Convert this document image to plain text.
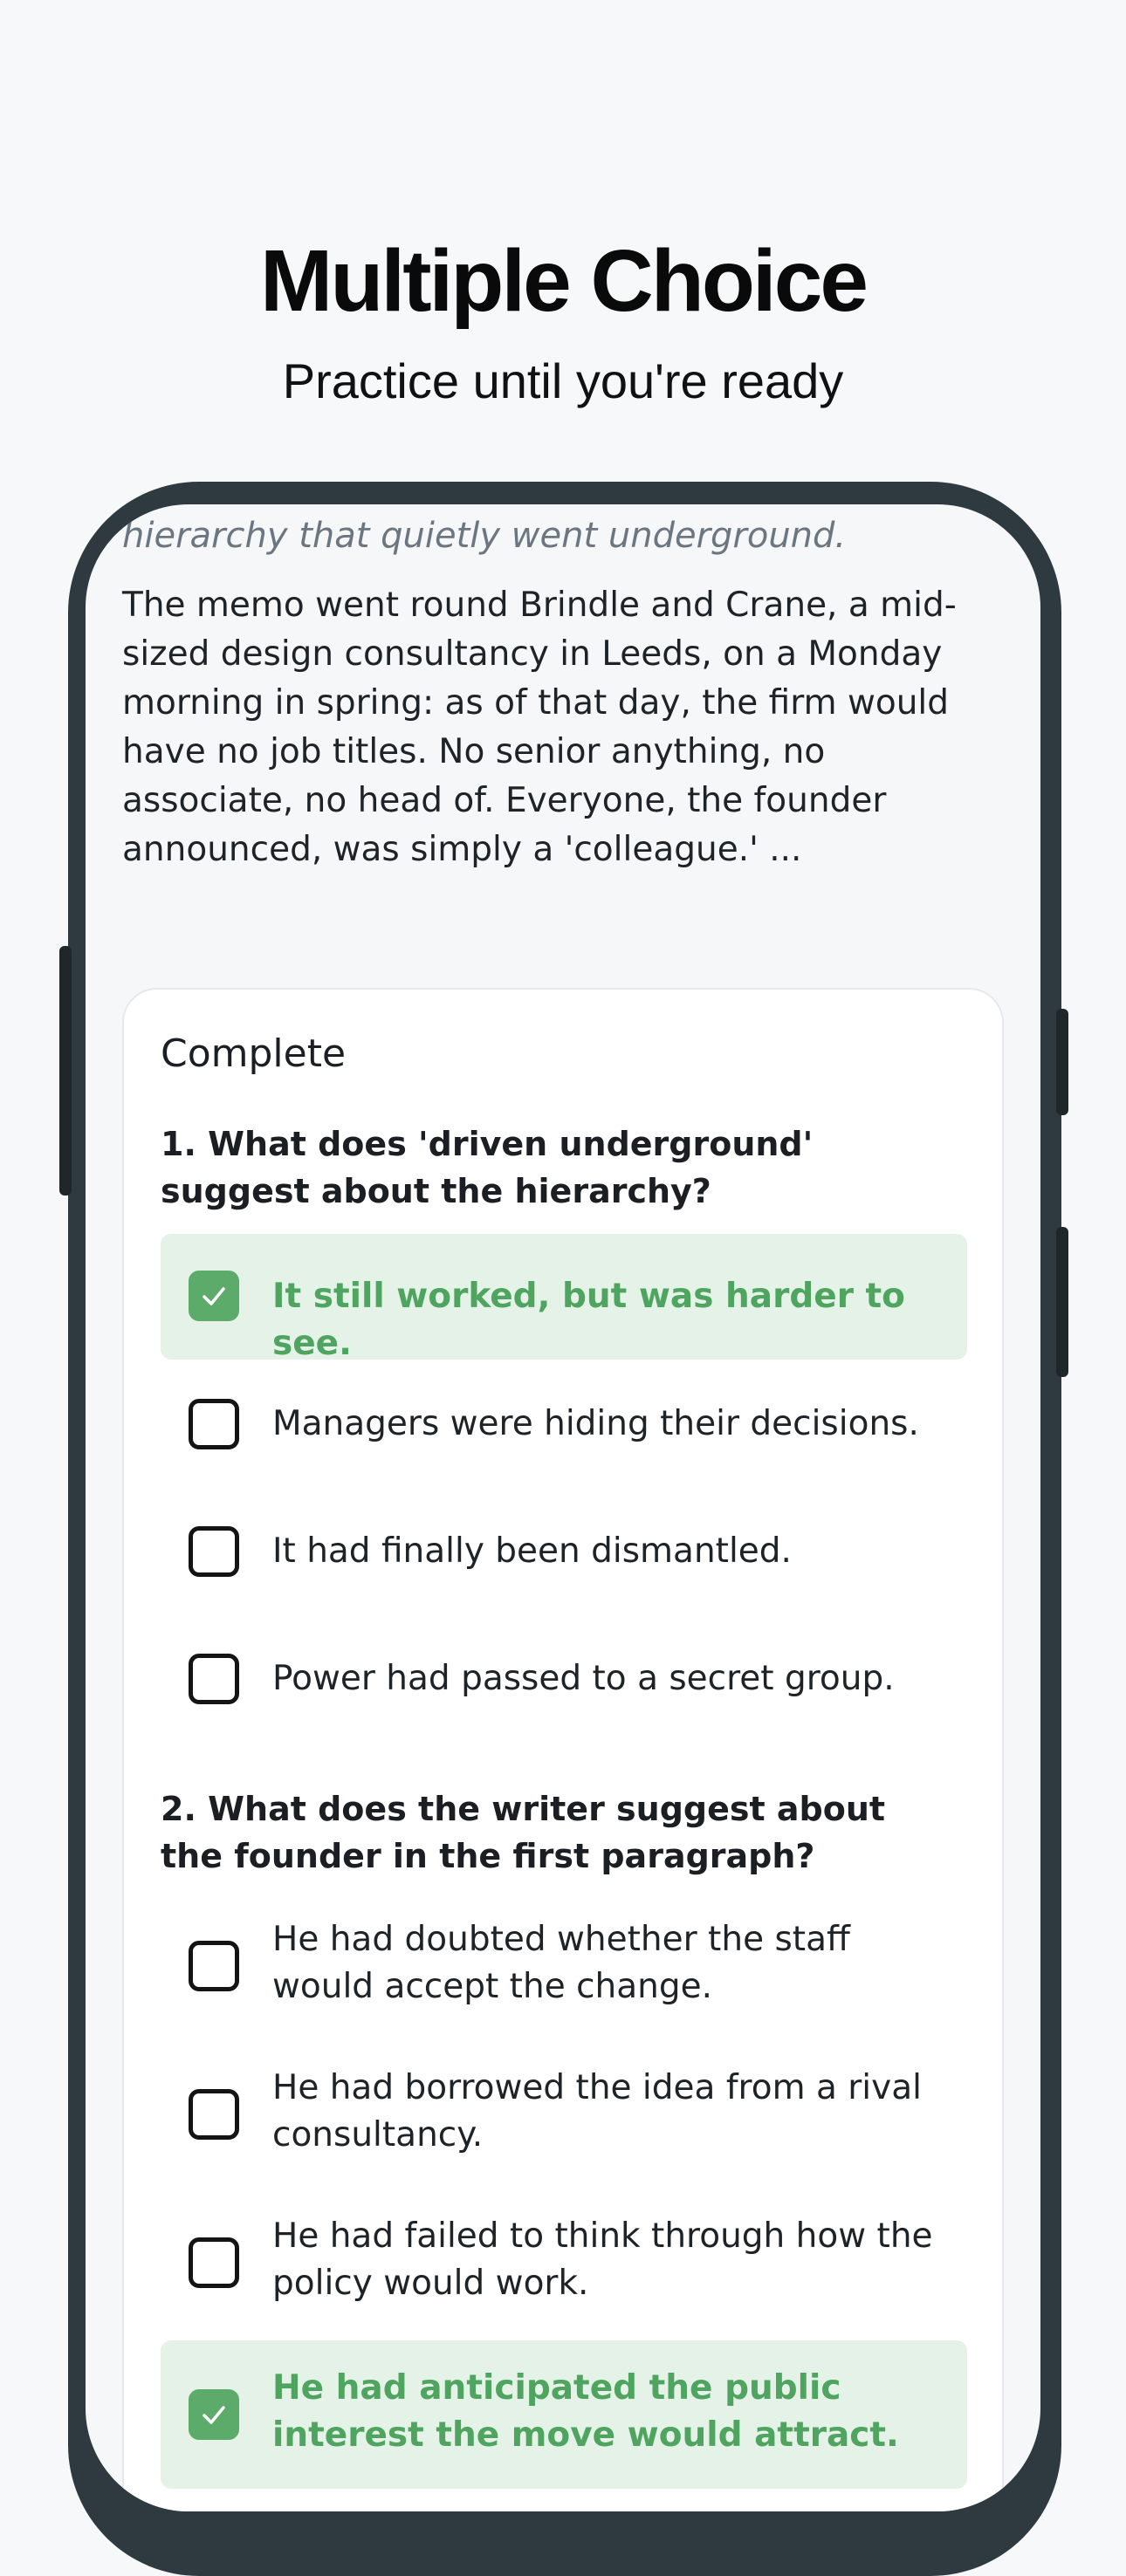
Multiple Choice
Practice until you're ready
hierarchy that quietly went underground.
The memo went round Brindle and Crane, a mid-sized design consultancy in Leeds, on a Monday morning in spring: as of that day, the firm would have no job titles. No senior anything, no associate, no head of. Everyone, the founder announced, was simply a 'colleague.' ...
Complete
1. What does 'driven underground' suggest about the hierarchy?
It still worked, but was harder to see.
Managers were hiding their decisions.
It had finally been dismantled.
Power had passed to a secret group.
2. What does the writer suggest about the founder in the first paragraph?
He had doubted whether the staff would accept the change.
He had borrowed the idea from a rival consultancy.
He had failed to think through how the policy would work.
He had anticipated the public interest the move would attract.
